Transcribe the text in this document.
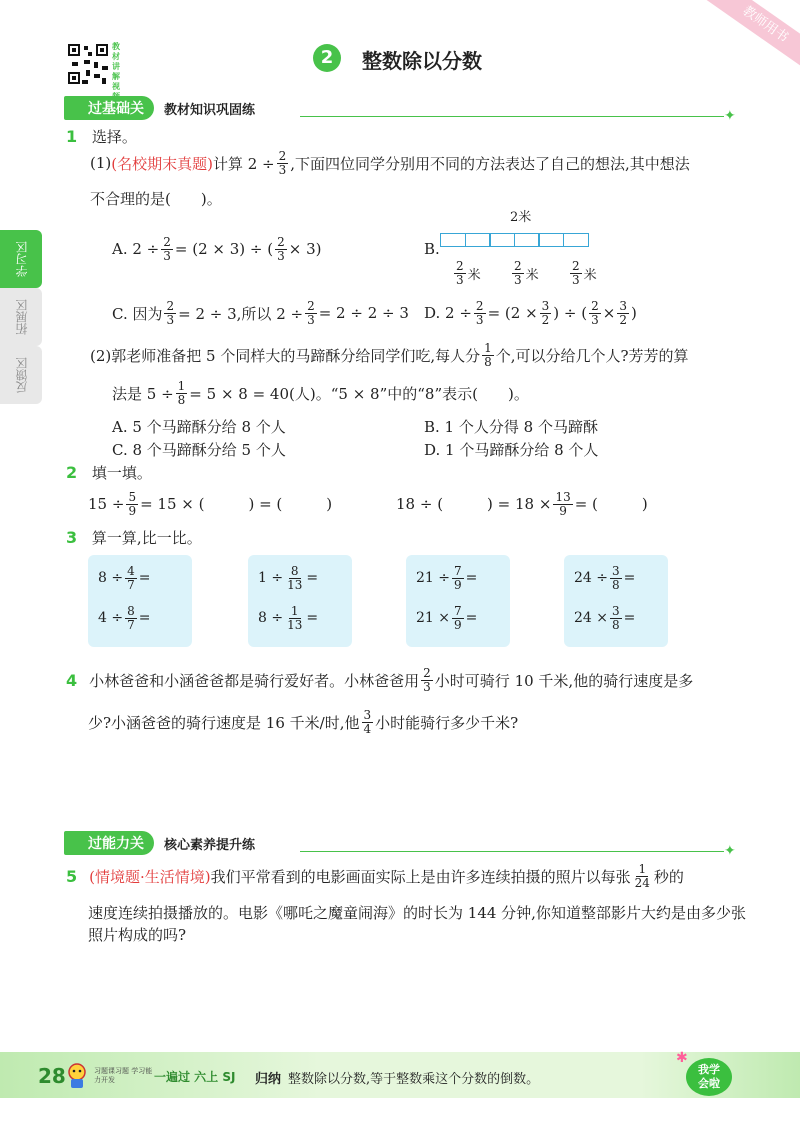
教师用书
教材讲解视
2	整数除以分数
过基础关	教材知识巩固练	✦
学习区
拓展区
反馈区
1 选择。
(1) (名校期末真题) 计算 $2 \div \frac{2}{3}$ ,下面四位同学分别用不同的方法表达了自己的想法,其中想法
不合理的是(　　)。
A. $2 \div \frac{2}{3} = (2 \times 3)$ ÷ ( $\frac{2}{3} \times 3$)
2米
B.
$\frac{2}{3}$ 米	$\frac{2}{3}$ 米	$\frac{2}{3}$ 米
C. 因为 $\frac{2}{3} = 2 \div 3$,所以 $2 \div \frac{2}{3} = 2 \div 2 \div 3$ D. $2 \div \frac{2}{3} = (2 \times \frac{3}{2}$ ) ÷ ( $\frac{2}{3} \times \frac{3}{2}$ )
(2)郭老师准备把 5 个同样大的马蹄酥分给同学们吃,每人分 $\frac{1}{8}$ 个,可以分给几个人?芳芳的算
法是 $5 \div \frac{1}{8} = 5 \times 8 = 40$(人)。“5 × 8”中的“8”表示(　　)。
A. 5 个马蹄酥分给 8 个人	B. 1 个人分得 8 个马蹄酥
C. 8 个马蹄酥分给 5 个人	D. 1 个马蹄酥分给 8 个人
2 填一填。
$15 \div \frac{5}{9} = 15$ × (	) = (	)	18 ÷ (	) = $18 \times \frac{13}{9}$ = (	)
3 算一算,比一比。
$8 \div \frac{4}{7}$ =
$4 \div \frac{8}{7}$ =
$1 \div \frac{8}{13}$ =
$8 \div \frac{1}{13}$ =
$21 \div \frac{7}{9}$ =
$21 \times \frac{7}{9}$ =
$24 \div \frac{3}{8}$ =
$24 \times \frac{3}{8}$ =
4 小林爸爸和小涵爸爸都是骑行爱好者。小林爸爸用 $\frac{2}{3}$ 小时可骑行 10 千米,他的骑行速度是多
少?小涵爸爸的骑行速度是 16 千米/时,他 $\frac{3}{4}$ 小时能骑行多少千米?
过能力关	核心素养提升练	✦
5 (情境题·生活情境) 我们平常看到的电影画面实际上是由许多连续拍摄的照片以每张 $\frac{1}{24}$ 秒的
速度连续拍摄播放的。电影《哪吒之魔童闹海》的时长为 144 分钟,你知道整部影片大约是由多少张
照片构成的吗?
28	习题课习题 学习能力开发	一遍过 六上 SJ 归纳 整数除以分数,等于整数乘这个分数的倒数。
我学会啦
✱
